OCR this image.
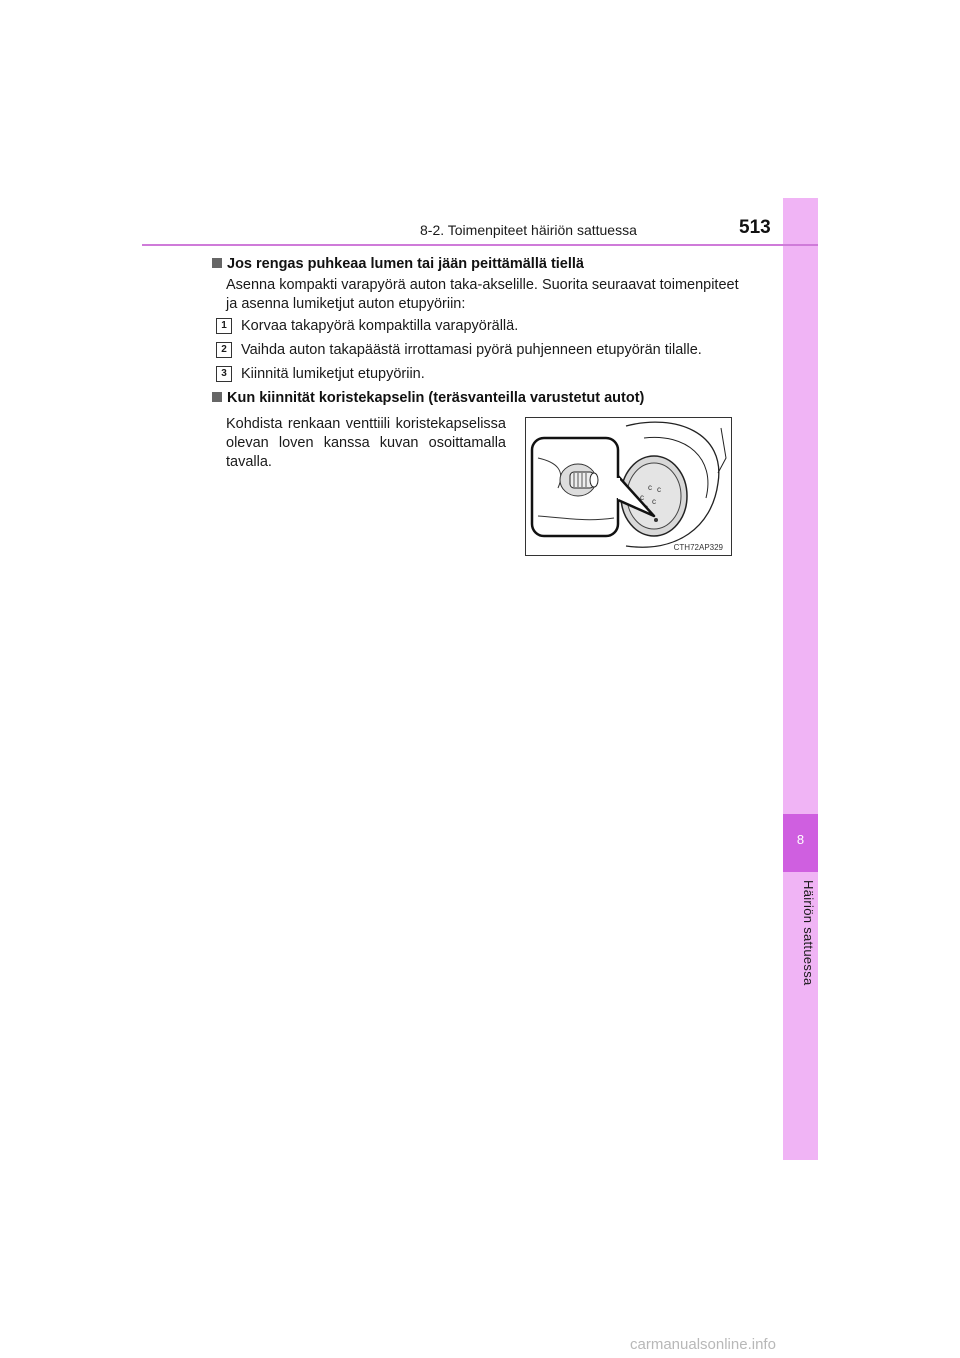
8
Häiriön sattuessa
8-2. Toimenpiteet häiriön sattuessa	513
Jos rengas puhkeaa lumen tai jään peittämällä tiellä
Asenna kompakti varapyörä auton taka-akselille. Suorita seuraavat toimenpiteet
ja asenna lumiketjut auton etupyöriin:
1 Korvaa takapyörä kompaktilla varapyörällä.
2 Vaihda auton takapäästä irrottamasi pyörä puhjenneen etupyörän tilalle.
3 Kiinnitä lumiketjut etupyöriin.
Kun kiinnität koristekapselin (teräsvanteilla varustetut autot)
Kohdista renkaan venttiili koristekapselissa olevan loven kanssa kuvan osoittamalla tavalla.
c c
c c
CTH72AP329
carmanualsonline.info
